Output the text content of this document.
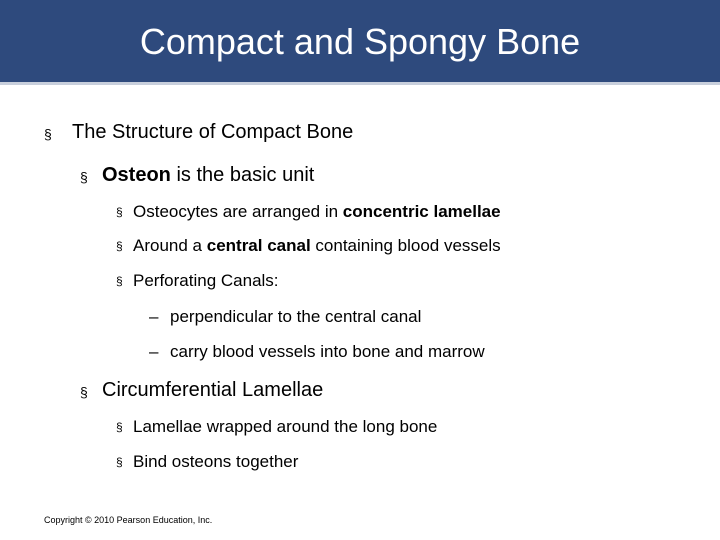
Compact and Spongy Bone
§ The Structure of Compact Bone
§ Osteon is the basic unit
§ Osteocytes are arranged in concentric lamellae
§ Around a central canal containing blood vessels
§ Perforating Canals:
– perpendicular to the central canal
– carry blood vessels into bone and marrow
§ Circumferential Lamellae
§ Lamellae wrapped around the long bone
§ Bind osteons together
Copyright © 2010 Pearson Education, Inc.
